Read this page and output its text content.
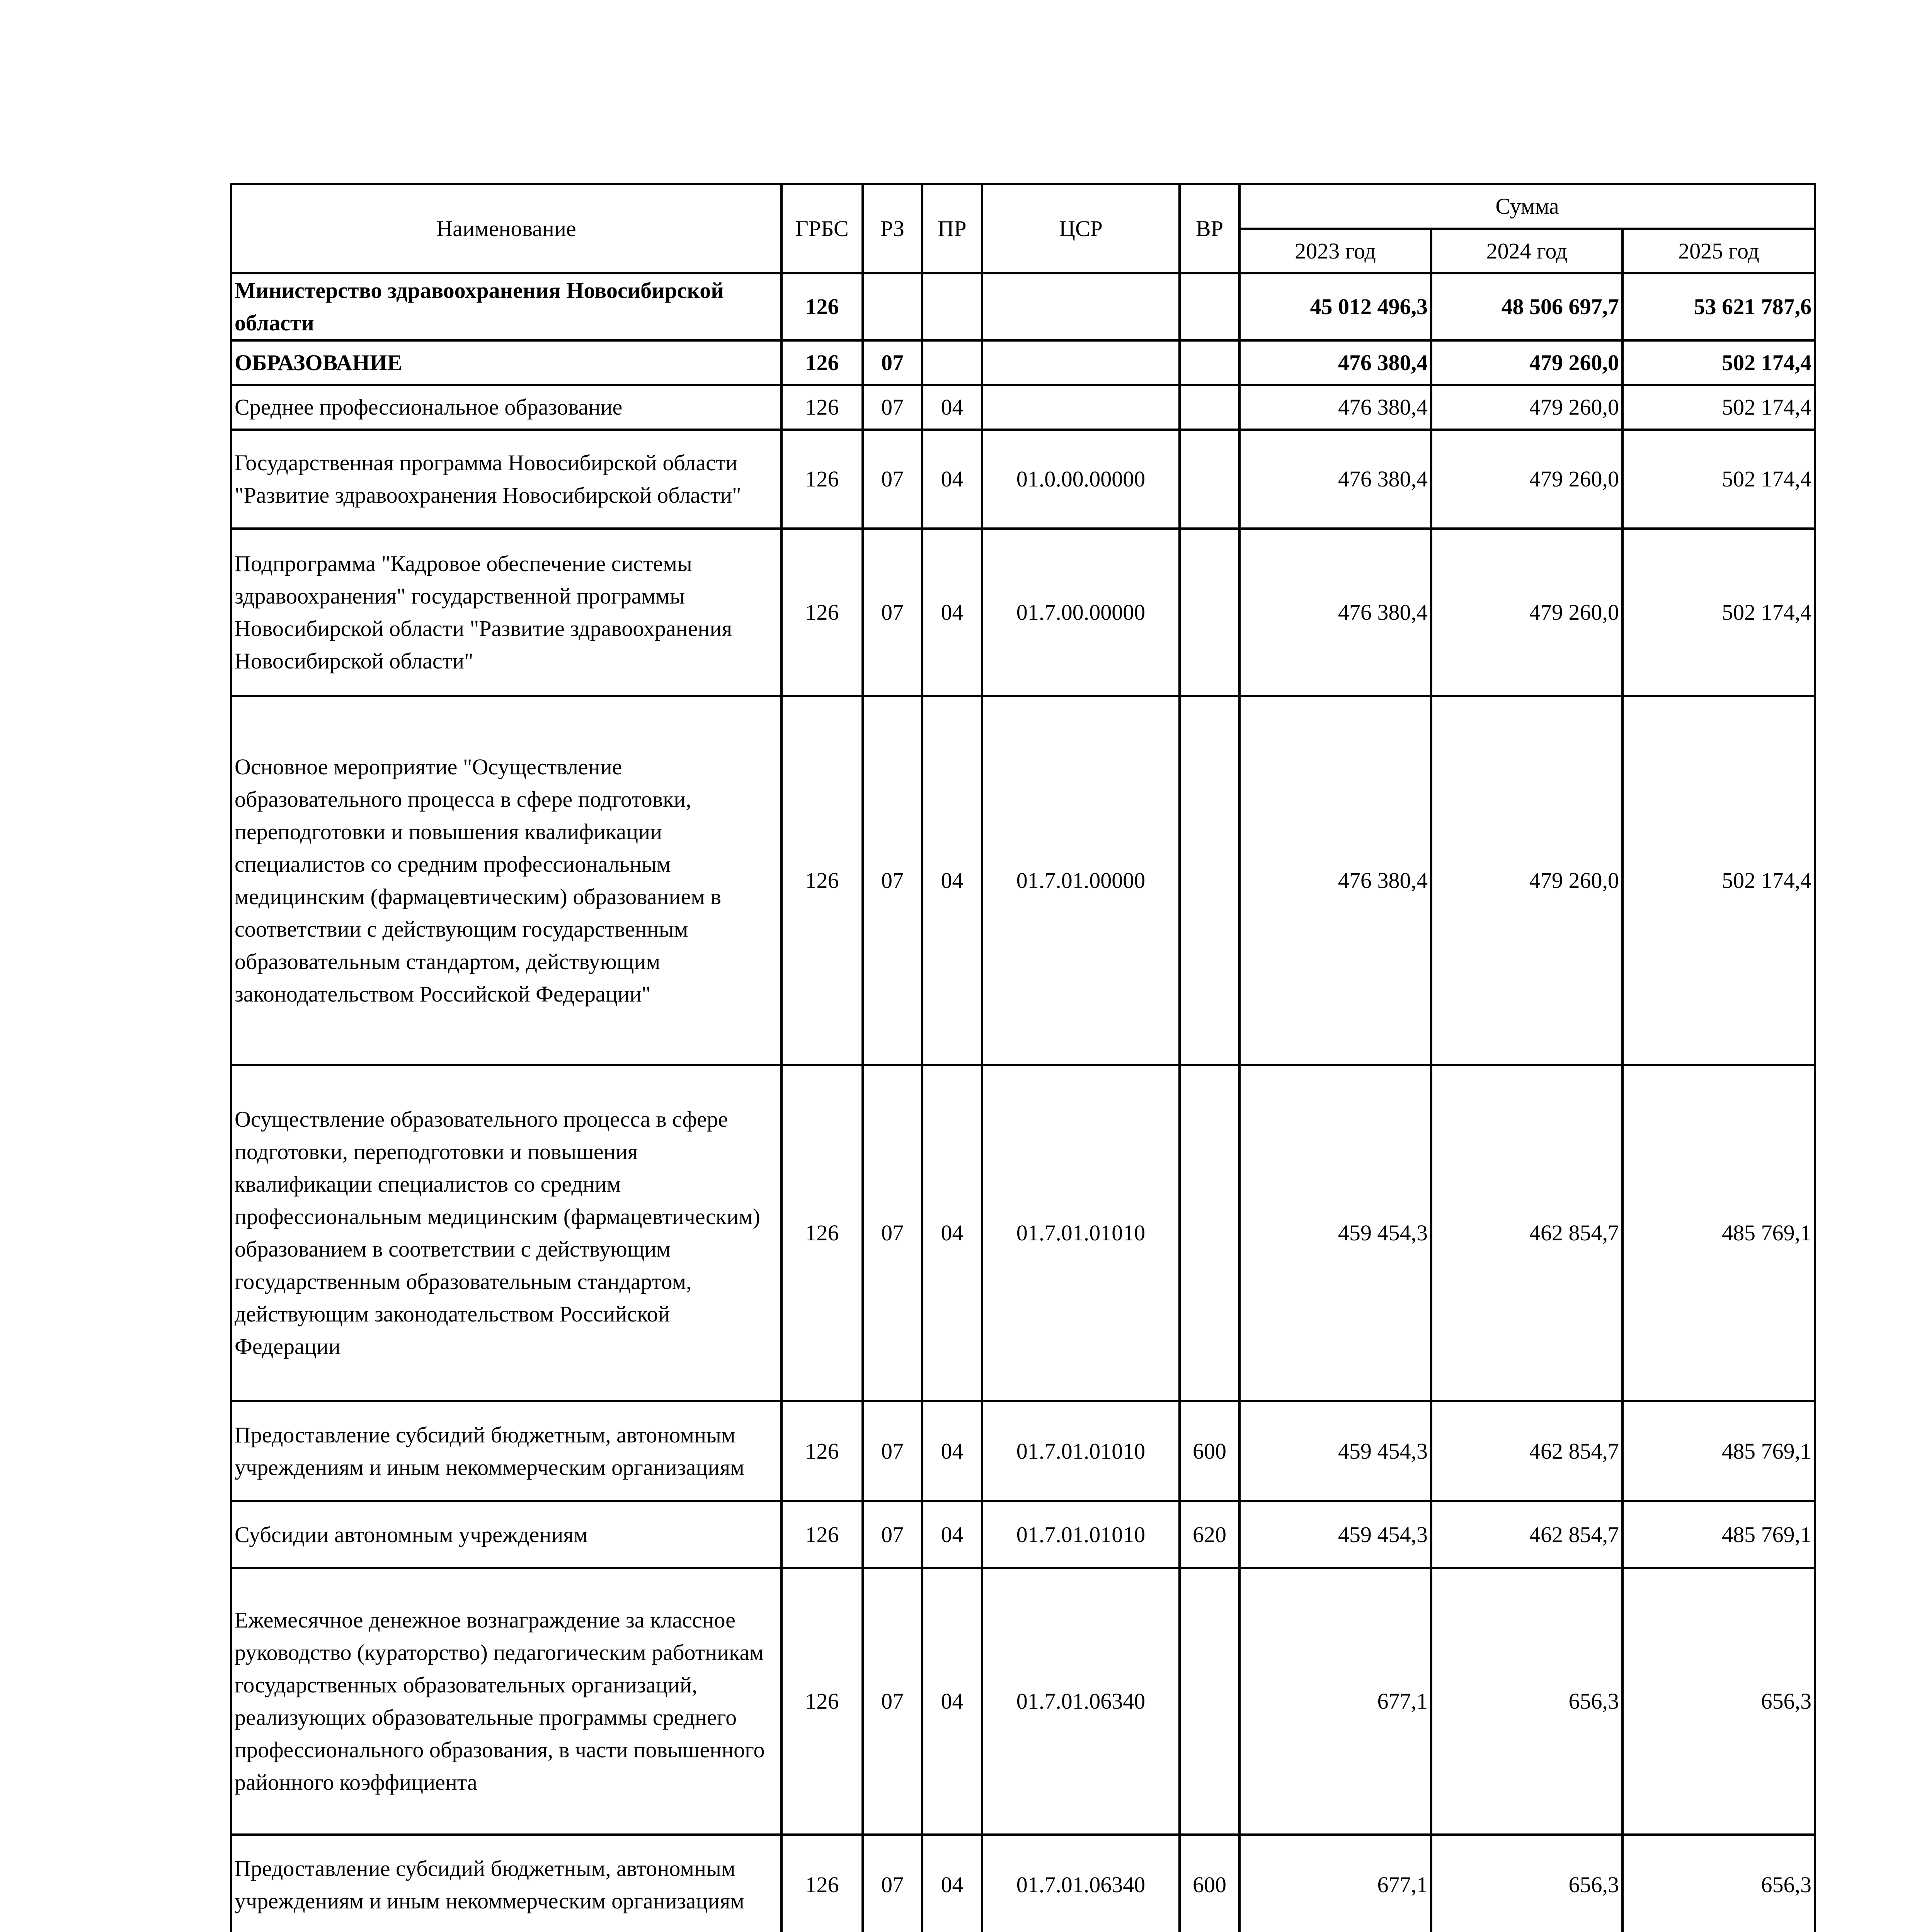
Наименование	ГРБС	РЗ	ПР	ЦСР	ВР	Сумма		
						2023 год	2024 год	2025 год
Министерство здравоохранения Новосибирской области	126					45 012 496,3	48 506 697,7	53 621 787,6
ОБРАЗОВАНИЕ	126	07				476 380,4	479 260,0	502 174,4
Среднее профессиональное образование	126	07	04			476 380,4	479 260,0	502 174,4
Государственная программа Новосибирской области "Развитие здравоохранения Новосибирской области"	126	07	04	01.0.00.00000		476 380,4	479 260,0	502 174,4
Подпрограмма "Кадровое обеспечение системы здравоохранения" государственной программы Новосибирской области "Развитие здравоохранения Новосибирской области"	126	07	04	01.7.00.00000		476 380,4	479 260,0	502 174,4
Основное мероприятие "Осуществление образовательного процесса в сфере подготовки, переподготовки и повышения квалификации специалистов со средним профессиональным медицинским (фармацевтическим) образованием в соответствии с действующим государственным образовательным стандартом, действующим законодательством Российской Федерации"	126	07	04	01.7.01.00000		476 380,4	479 260,0	502 174,4
Осуществление образовательного процесса в сфере подготовки, переподготовки и повышения квалификации специалистов со средним профессиональным медицинским (фармацевтическим) образованием в соответствии с действующим государственным образовательным стандартом, действующим законодательством Российской Федерации	126	07	04	01.7.01.01010		459 454,3	462 854,7	485 769,1
Предоставление субсидий бюджетным, автономным учреждениям и иным некоммерческим организациям	126	07	04	01.7.01.01010	600	459 454,3	462 854,7	485 769,1
Субсидии автономным учреждениям	126	07	04	01.7.01.01010	620	459 454,3	462 854,7	485 769,1
Ежемесячное денежное вознаграждение за классное руководство (кураторство) педагогическим работникам государственных образовательных организаций, реализующих образовательные программы среднего профессионального образования, в части повышенного районного коэффициента	126	07	04	01.7.01.06340		677,1	656,3	656,3
Предоставление субсидий бюджетным, автономным учреждениям и иным некоммерческим организациям	126	07	04	01.7.01.06340	600	677,1	656,3	656,3
